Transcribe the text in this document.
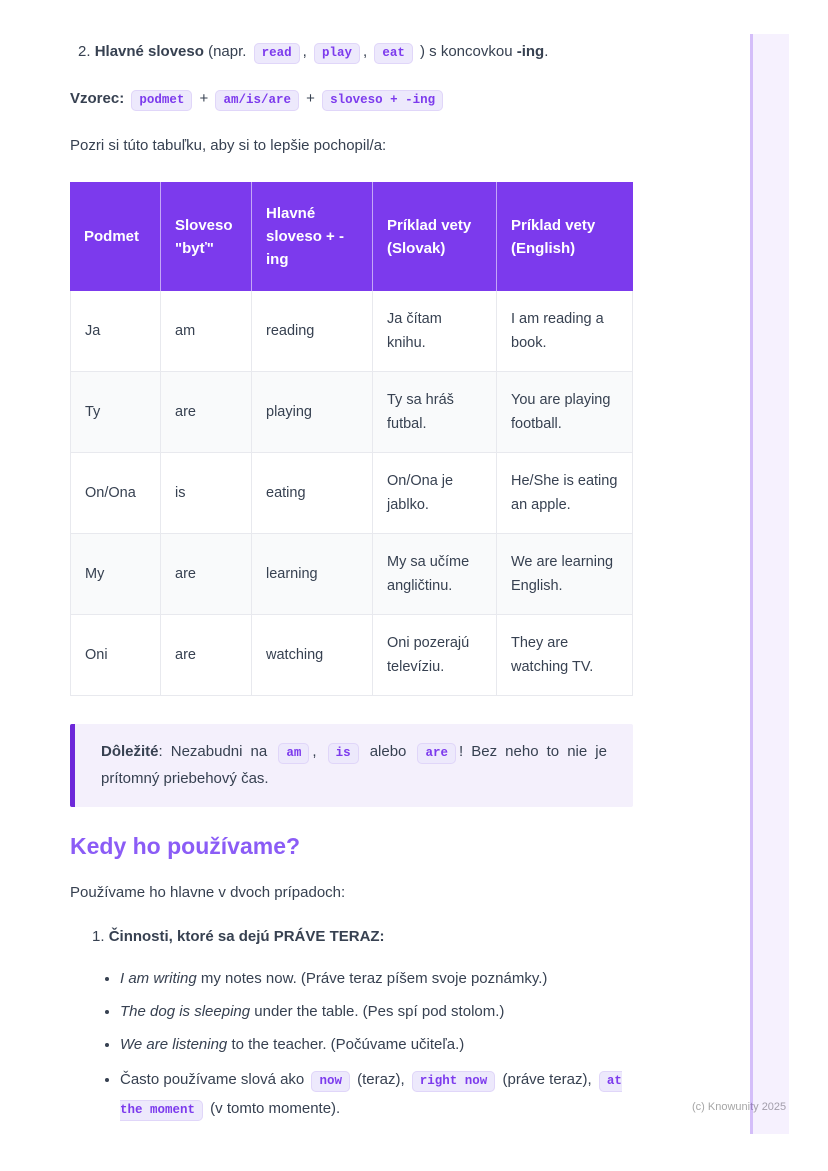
2. Hlavné sloveso (napr. read , play , eat ) s koncovkou -ing.

Vzorec: podmet + am/is/are + sloveso + -ing

Pozri si túto tabuľku, aby si to lepšie pochopil/a:

Podmet	Sloveso "byť"	Hlavné sloveso + -ing	Príklad vety (Slovak)	Príklad vety (English)
Ja	am	reading	Ja čítam knihu.	I am reading a book.
Ty	are	playing	Ty sa hráš futbal.	You are playing football.
On/Ona	is	eating	On/Ona je jablko.	He/She is eating an apple.
My	are	learning	My sa učíme angličtinu.	We are learning English.
Oni	are	watching	Oni pozerajú televíziu.	They are watching TV.
Dôležité: Nezabudni na am , is alebo are ! Bez neho to nie je prítomný priebehový čas.
Kedy ho používame?

Používame ho hlavne v dvoch prípadoch:

1. Činnosti, ktoré sa dejú PRÁVE TERAZ:

• I am writing my notes now. (Práve teraz píšem svoje poznámky.)
• The dog is sleeping under the table. (Pes spí pod stolom.)
• We are listening to the teacher. (Počúvame učiteľa.)
• Často používame slová ako now (teraz), right now (práve teraz), at the moment (v tomto momente).	(c) Knowunity 2025
